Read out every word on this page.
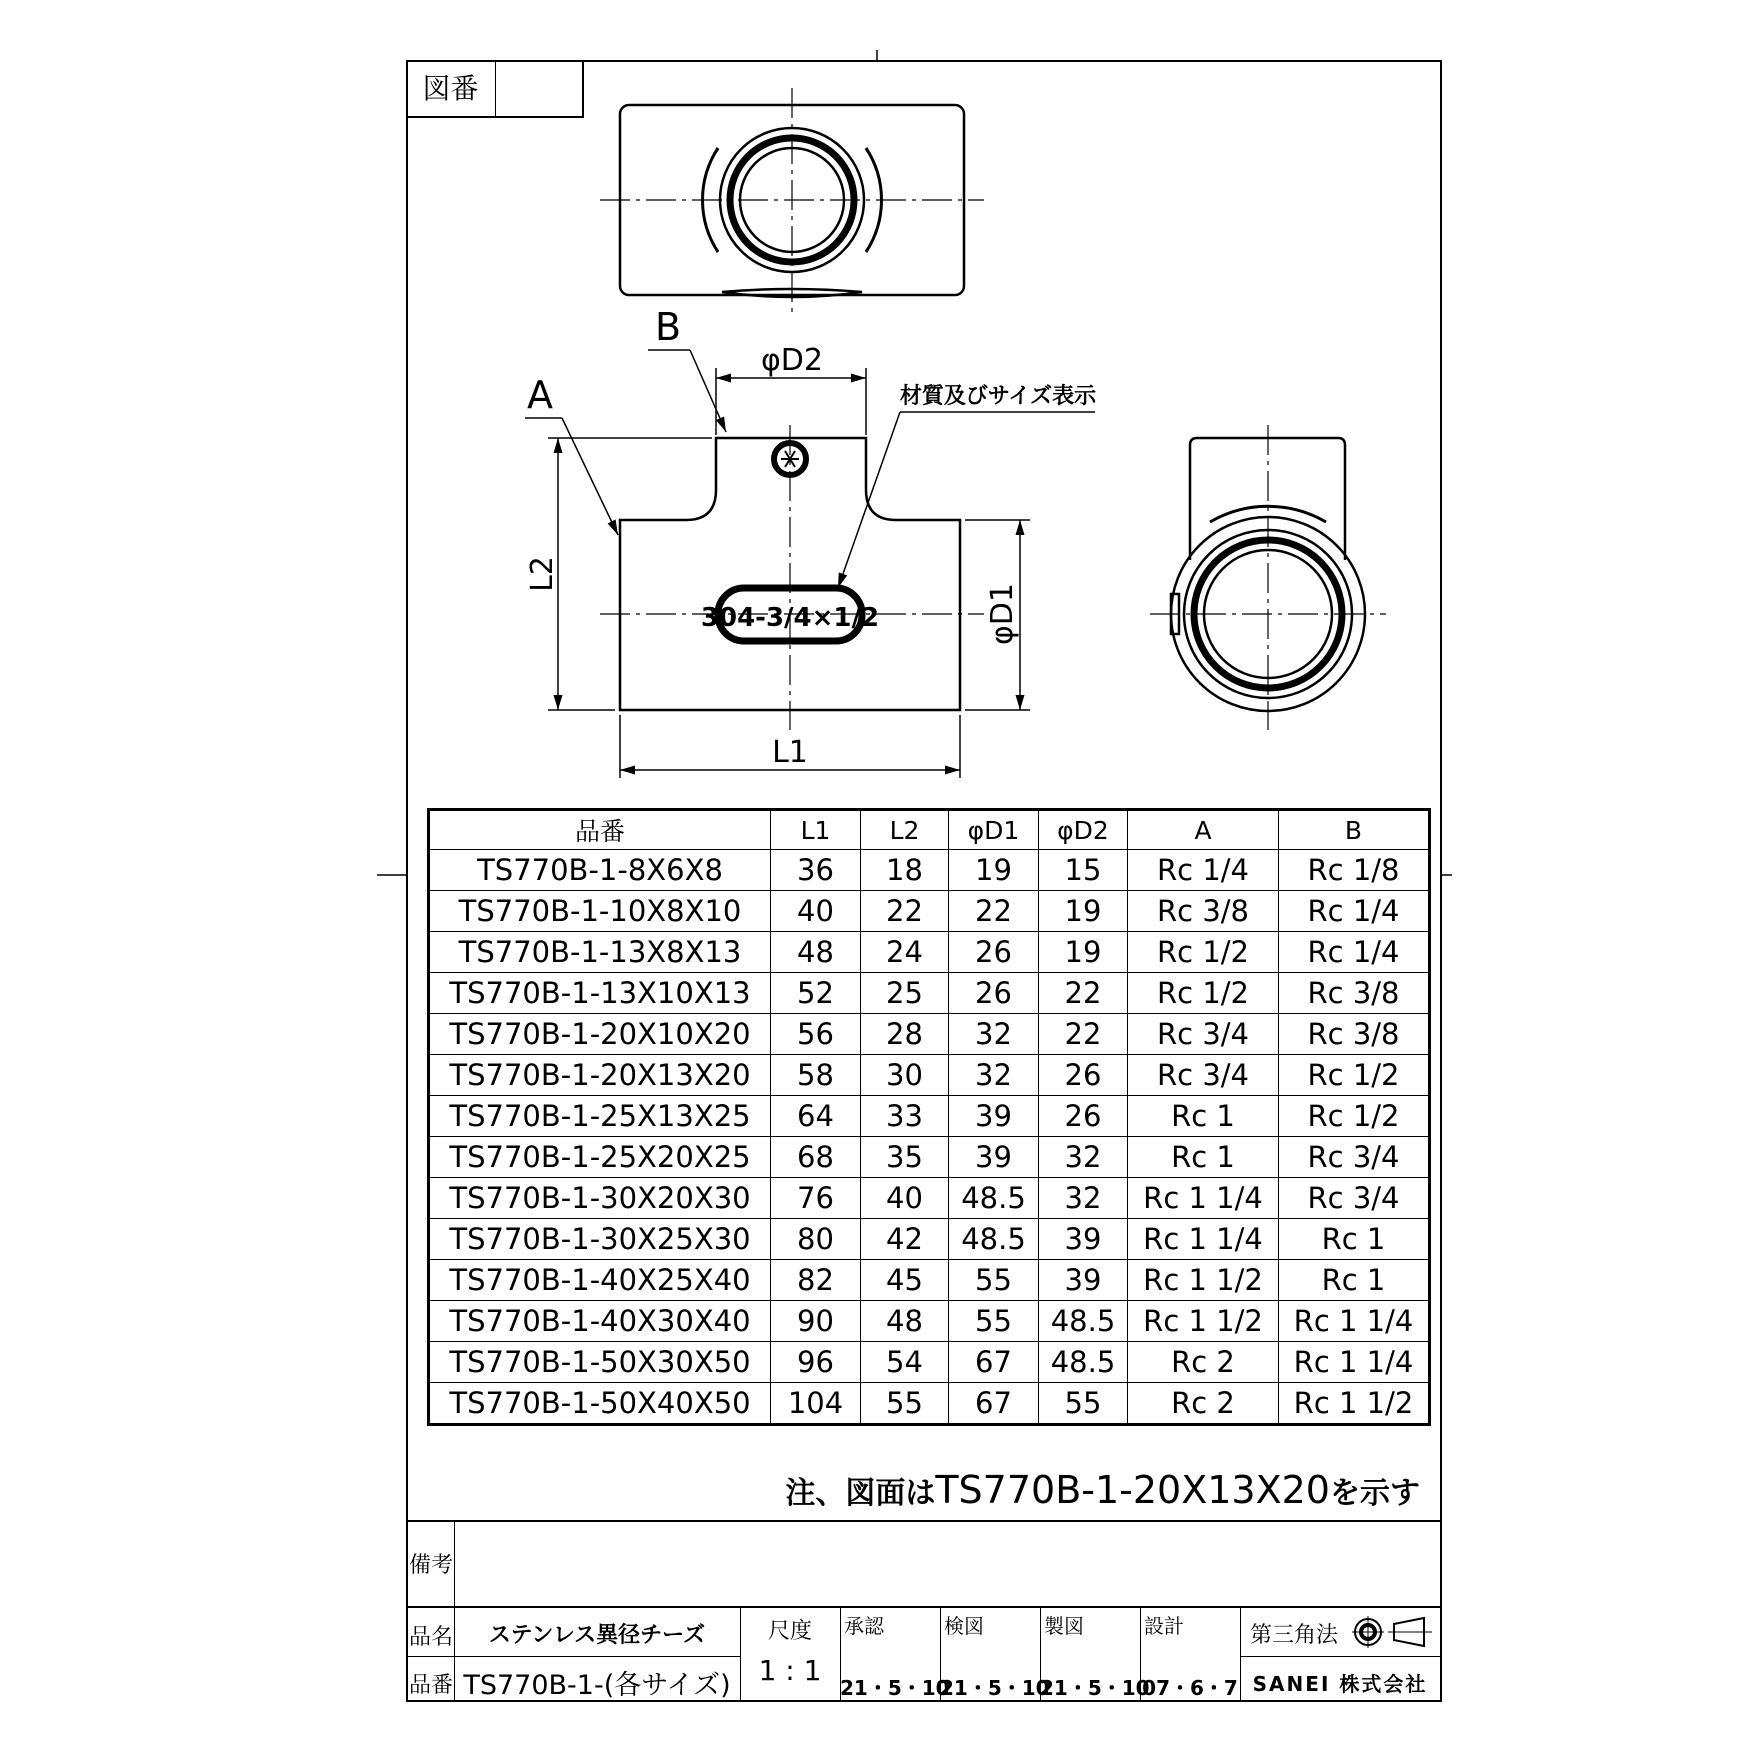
図番
304-3/4×1/2
B
A
φD2
L1
L2
φD1
材質及びサイズ表示
品番	L1	L2	φD1	φD2	A	B
TS770B-1-8X6X8	36	18	19	15	Rc 1/4	Rc 1/8
TS770B-1-10X8X10	40	22	22	19	Rc 3/8	Rc 1/4
TS770B-1-13X8X13	48	24	26	19	Rc 1/2	Rc 1/4
TS770B-1-13X10X13	52	25	26	22	Rc 1/2	Rc 3/8
TS770B-1-20X10X20	56	28	32	22	Rc 3/4	Rc 3/8
TS770B-1-20X13X20	58	30	32	26	Rc 3/4	Rc 1/2
TS770B-1-25X13X25	64	33	39	26	Rc 1	Rc 1/2
TS770B-1-25X20X25	68	35	39	32	Rc 1	Rc 3/4
TS770B-1-30X20X30	76	40	48.5	32	Rc 1 1/4	Rc 3/4
TS770B-1-30X25X30	80	42	48.5	39	Rc 1 1/4	Rc 1
TS770B-1-40X25X40	82	45	55	39	Rc 1 1/2	Rc 1
TS770B-1-40X30X40	90	48	55	48.5	Rc 1 1/2	Rc 1 1/4
TS770B-1-50X30X50	96	54	67	48.5	Rc 2	Rc 1 1/4
TS770B-1-50X40X50	104	55	67	55	Rc 2	Rc 1 1/2
注、図面はTS770B-1-20X13X20を示す
備考
品名	ステンレス異径チーズ
品番 TS770B-1-(各サイズ)
尺度
1 : 1
承認
21・5・10
検図
21・5・10
製図
21・5・10
設計
07・6・7
第三角法
SANEI 株式会社
